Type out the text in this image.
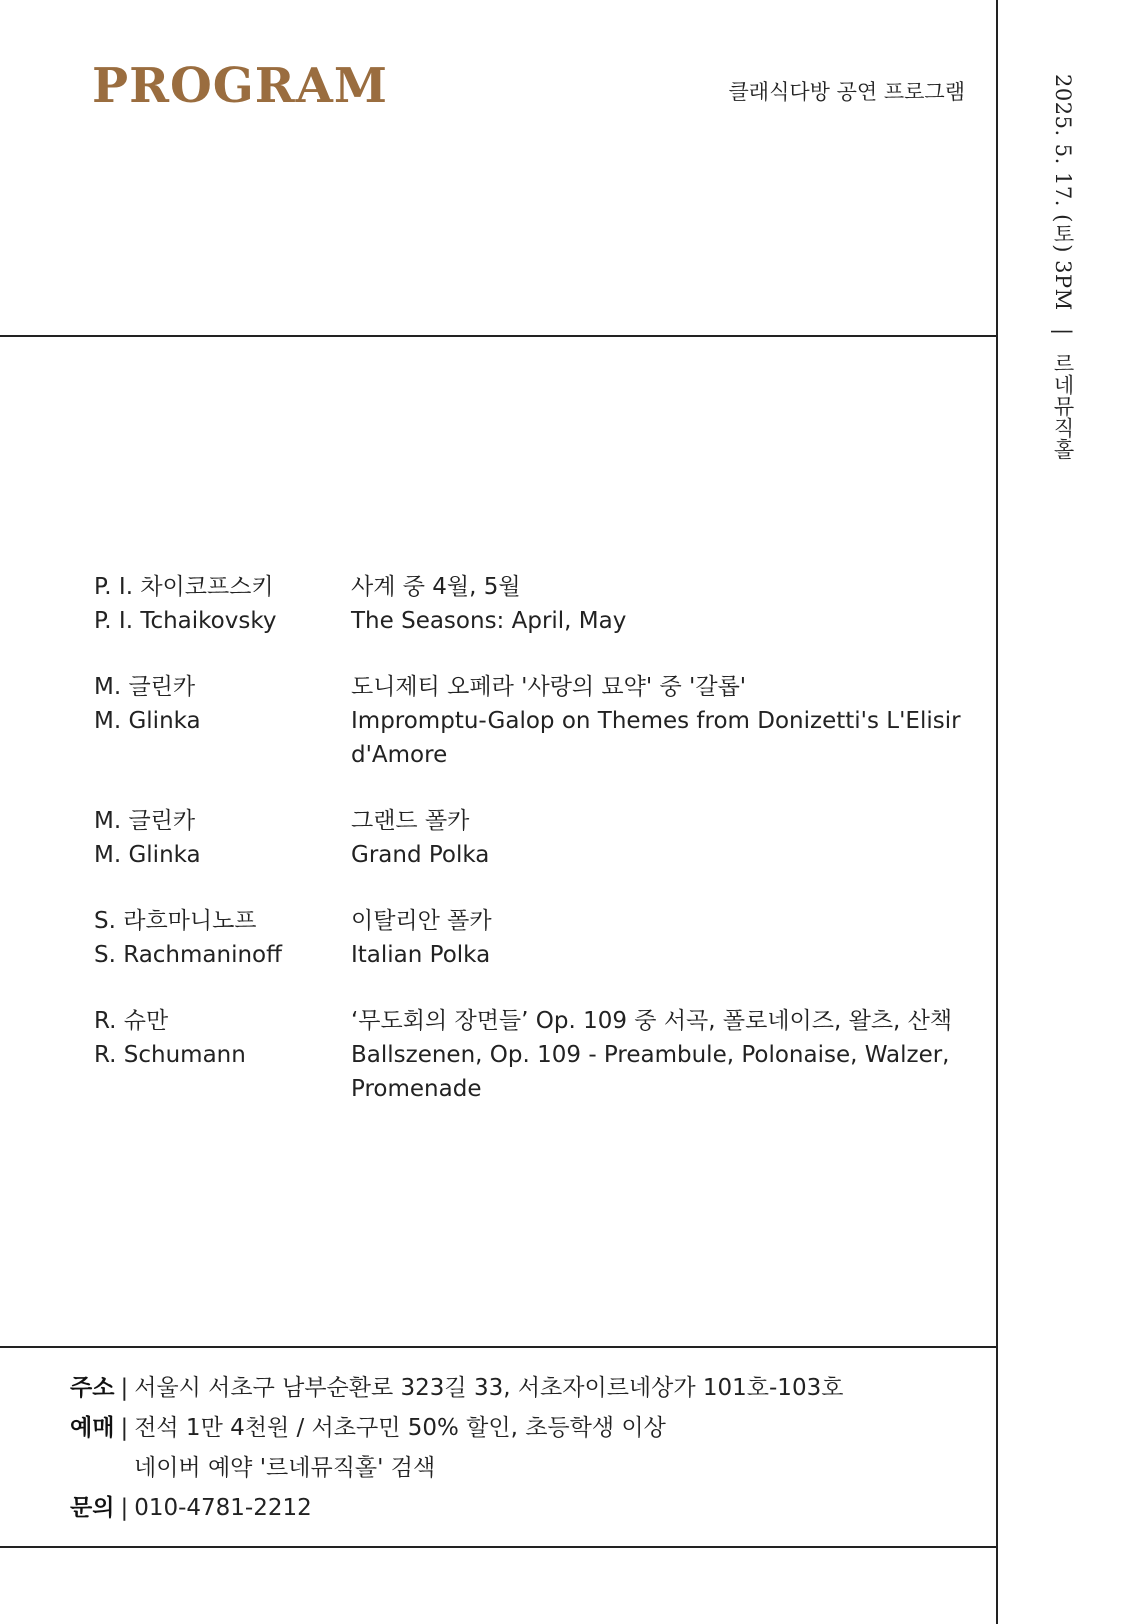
PROGRAM	클래식다방 공연 프로그램	2025. 5. 17. (토) 3PM | 르네뮤직홀
P. I. 차이코프스키
P. I. Tchaikovsky
사계 중 4월, 5월
The Seasons: April, May
M. 글린카
M. Glinka
도니제티 오페라 '사랑의 묘약' 중 '갈롭'
Impromptu-Galop on Themes from Donizetti's L'Elisir d'Amore
M. 글린카
M. Glinka
그랜드 폴카
Grand Polka
S. 라흐마니노프
S. Rachmaninoff
이탈리안 폴카
Italian Polka
R. 슈만
R. Schumann
‘무도회의 장면들’ Op. 109 중 서곡, 폴로네이즈, 왈츠, 산책
Ballszenen, Op. 109 - Preambule, Polonaise, Walzer, Promenade
주소 | 서울시 서초구 남부순환로 323길 33, 서초자이르네상가 101호-103호
예매 | 전석 1만 4천원 / 서초구민 50% 할인, 초등학생 이상
네이버 예약 '르네뮤직홀' 검색
문의 | 010-4781-2212
